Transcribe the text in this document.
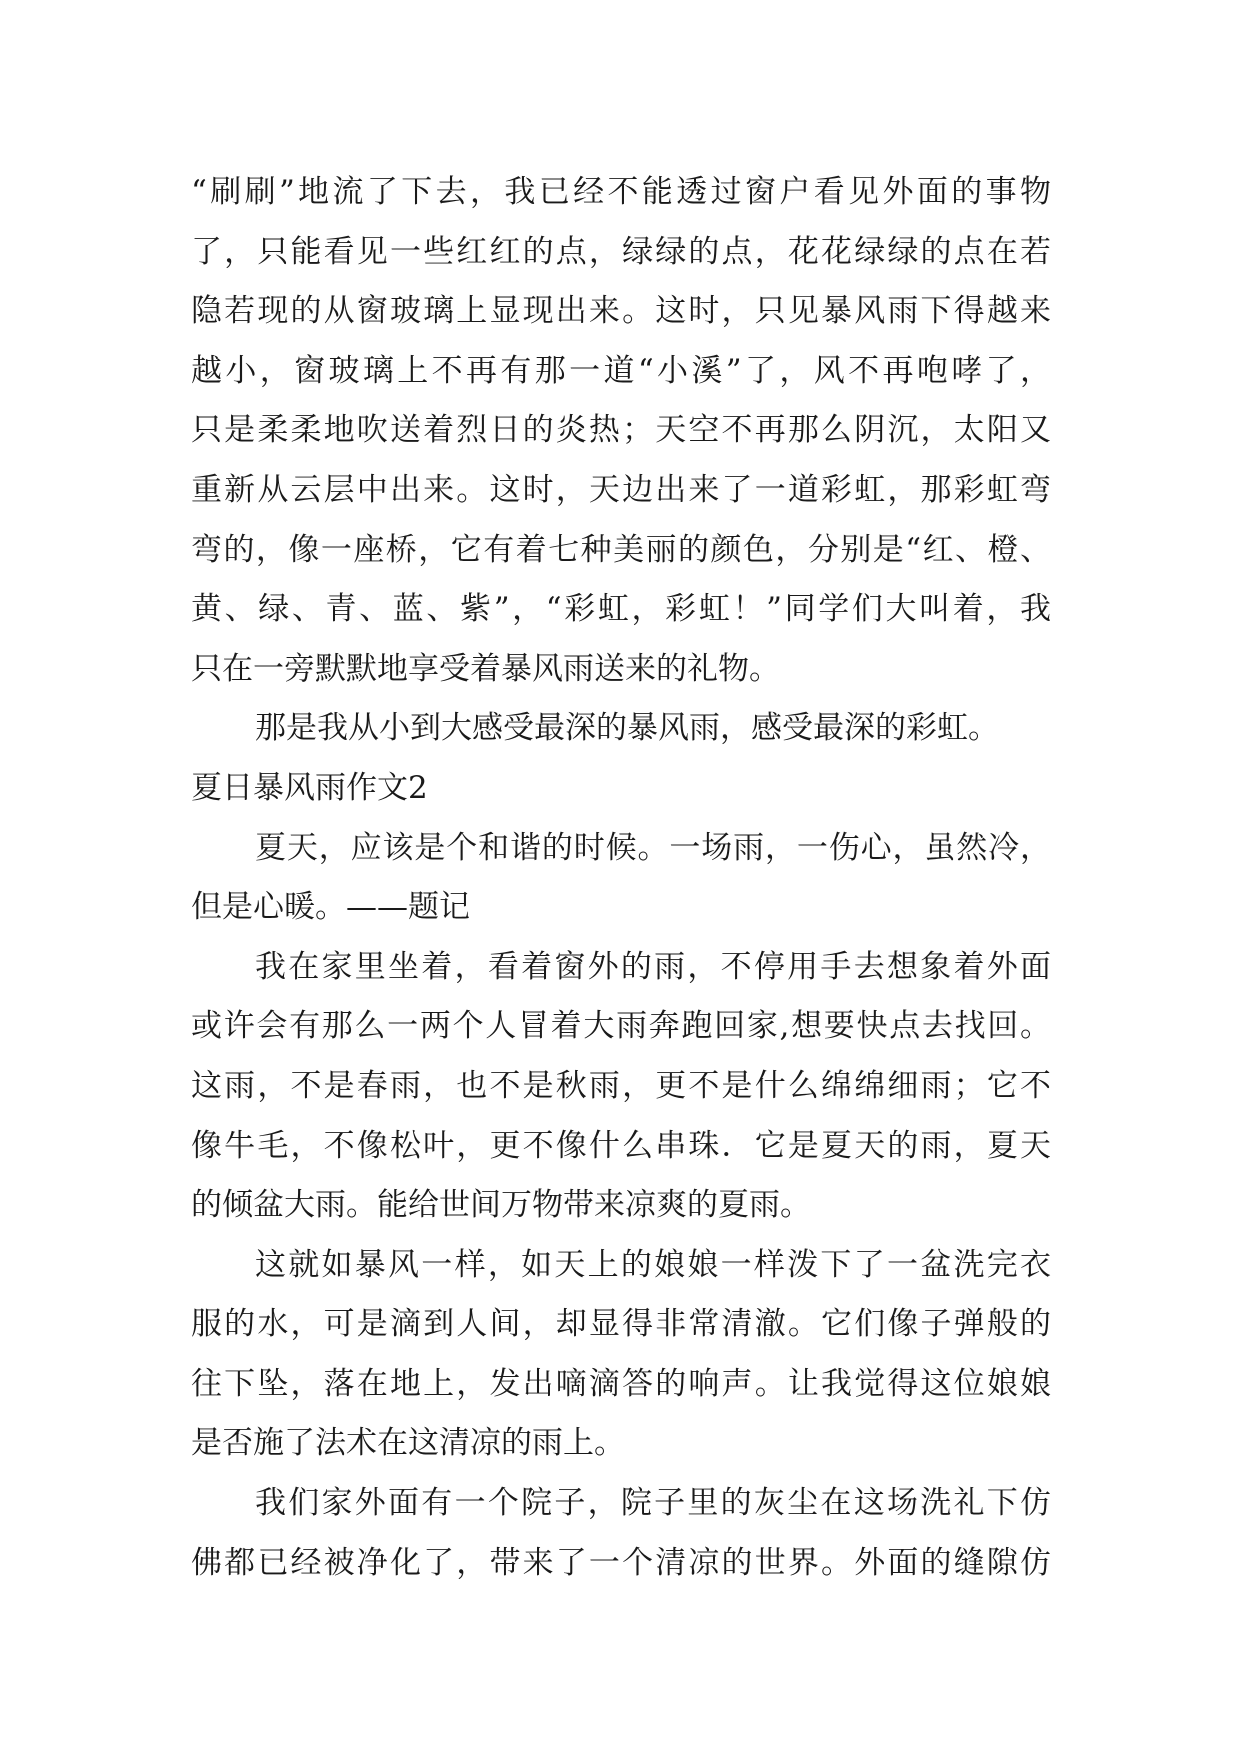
“刷刷”地流了下去，我已经不能透过窗户看见外面的事物
了，只能看见一些红红的点，绿绿的点，花花绿绿的点在若
隐若现的从窗玻璃上显现出来。这时，只见暴风雨下得越来
越小，窗玻璃上不再有那一道“小溪”了，风不再咆哮了，
只是柔柔地吹送着烈日的炎热；天空不再那么阴沉，太阳又
重新从云层中出来。这时，天边出来了一道彩虹，那彩虹弯
弯的，像一座桥，它有着七种美丽的颜色，分别是“红、橙、
黄、绿、青、蓝、紫”，“彩虹，彩虹！”同学们大叫着，我
只在一旁默默地享受着暴风雨送来的礼物。
那是我从小到大感受最深的暴风雨，感受最深的彩虹。
夏日暴风雨作文2
夏天，应该是个和谐的时候。一场雨，一伤心，虽然冷，
但是心暖。——题记
我在家里坐着，看着窗外的雨，不停用手去想象着外面
或许会有那么一两个人冒着大雨奔跑回家,想要快点去找回。
这雨，不是春雨，也不是秋雨，更不是什么绵绵细雨；它不
像牛毛，不像松叶，更不像什么串珠．它是夏天的雨，夏天
的倾盆大雨。能给世间万物带来凉爽的夏雨。
这就如暴风一样，如天上的娘娘一样泼下了一盆洗完衣
服的水，可是滴到人间，却显得非常清澈。它们像子弹般的
往下坠，落在地上，发出嘀滴答的响声。让我觉得这位娘娘
是否施了法术在这清凉的雨上。
我们家外面有一个院子，院子里的灰尘在这场洗礼下仿
佛都已经被净化了，带来了一个清凉的世界。外面的缝隙仿
